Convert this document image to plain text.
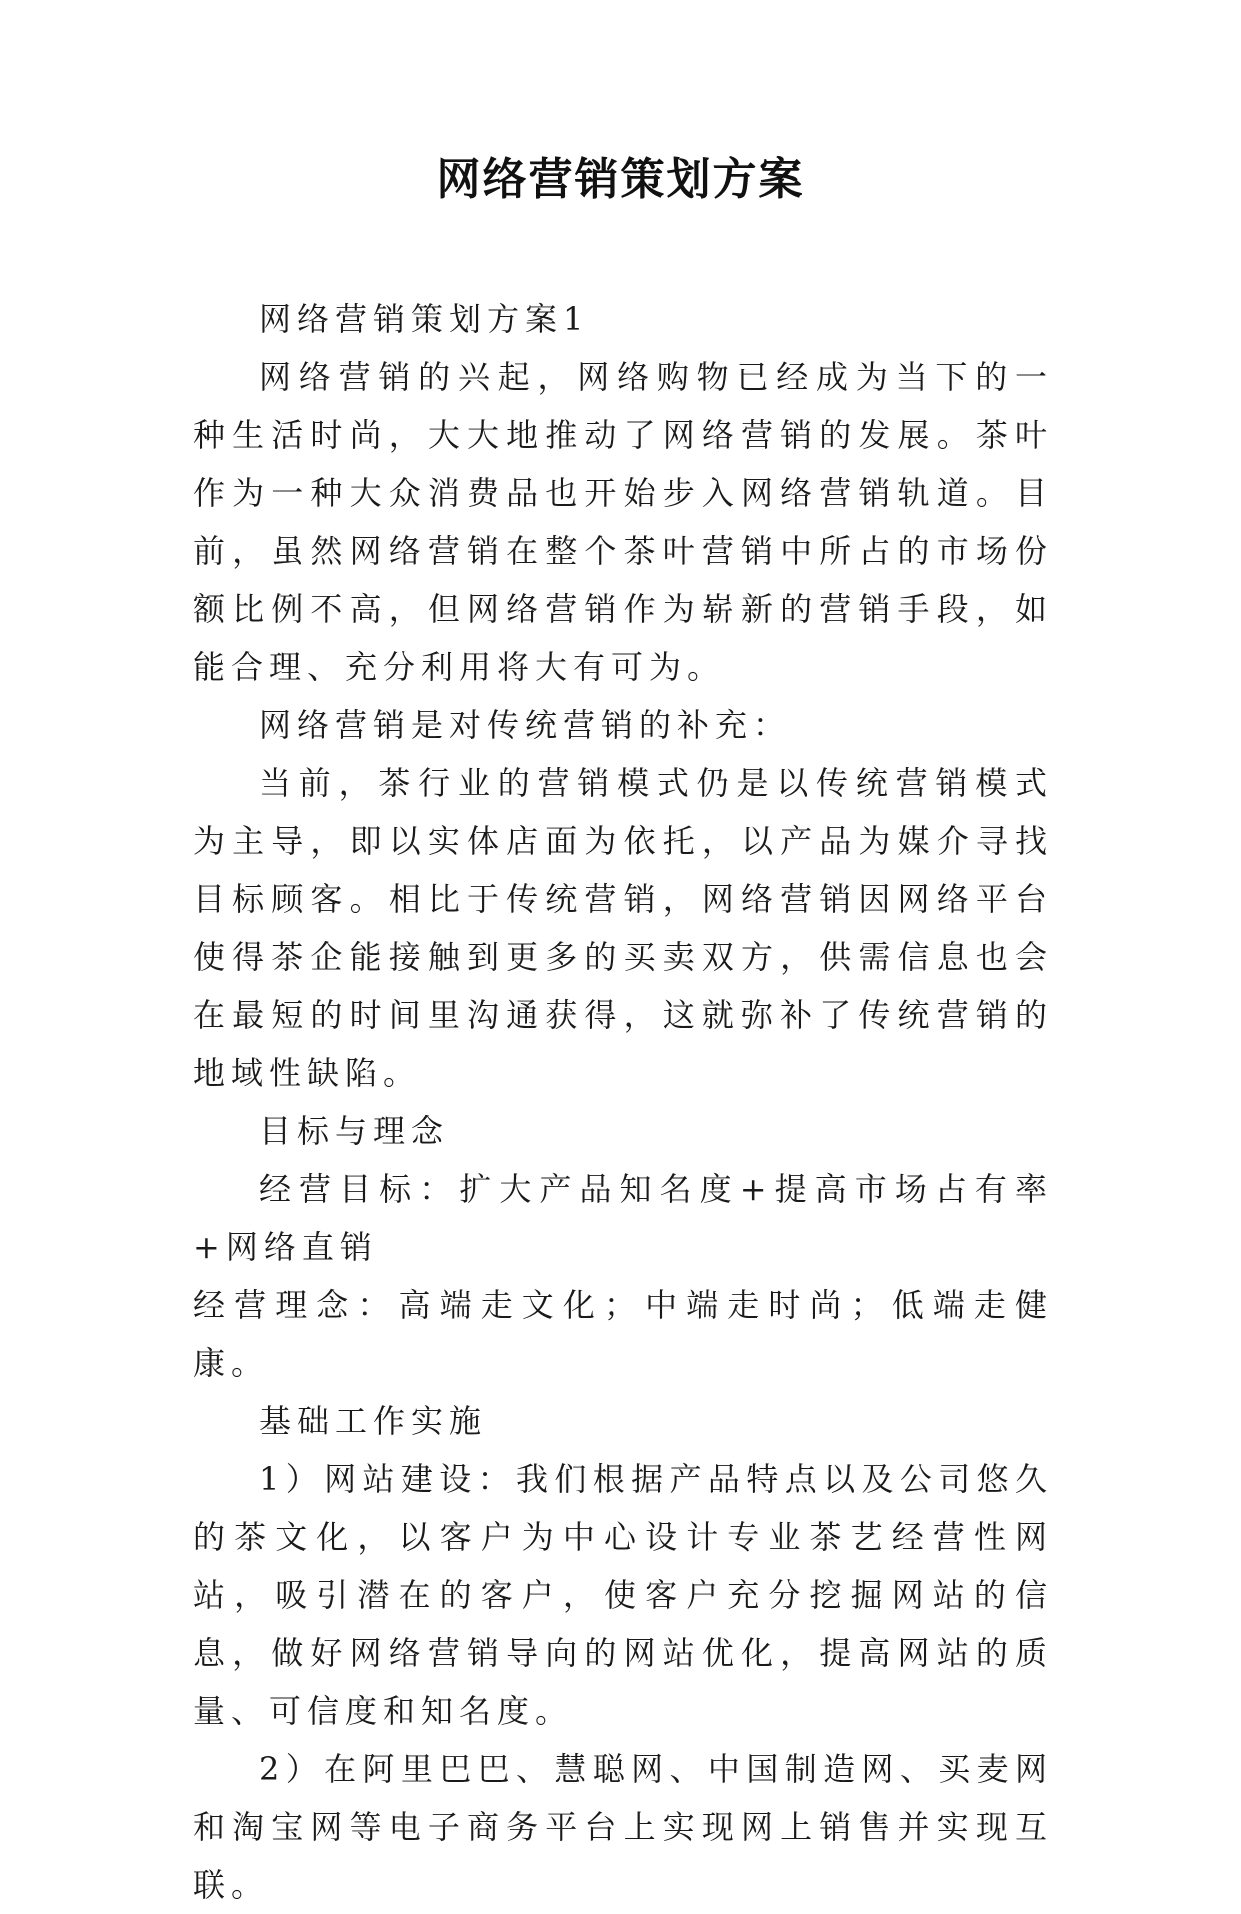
网络营销策划方案

网络营销策划方案1

网络营销的兴起，网络购物已经成为当下的一种生活时尚，大大地推动了网络营销的发展。茶叶作为一种大众消费品也开始步入网络营销轨道。目前，虽然网络营销在整个茶叶营销中所占的市场份额比例不高，但网络营销作为崭新的营销手段，如能合理、充分利用将大有可为。

网络营销是对传统营销的补充：

当前，茶行业的营销模式仍是以传统营销模式为主导，即以实体店面为依托，以产品为媒介寻找目标顾客。相比于传统营销，网络营销因网络平台使得茶企能接触到更多的买卖双方，供需信息也会在最短的时间里沟通获得，这就弥补了传统营销的地域性缺陷。

目标与理念

经营目标：扩大产品知名度+提高市场占有率+网络直销

经营理念：高端走文化；中端走时尚；低端走健康。

基础工作实施

1）网站建设：我们根据产品特点以及公司悠久的茶文化，以客户为中心设计专业茶艺经营性网站，吸引潜在的客户，使客户充分挖掘网站的信息，做好网络营销导向的网站优化，提高网站的质量、可信度和知名度。

2）在阿里巴巴、慧聪网、中国制造网、买麦网和淘宝网等电子商务平台上实现网上销售并实现互联。
